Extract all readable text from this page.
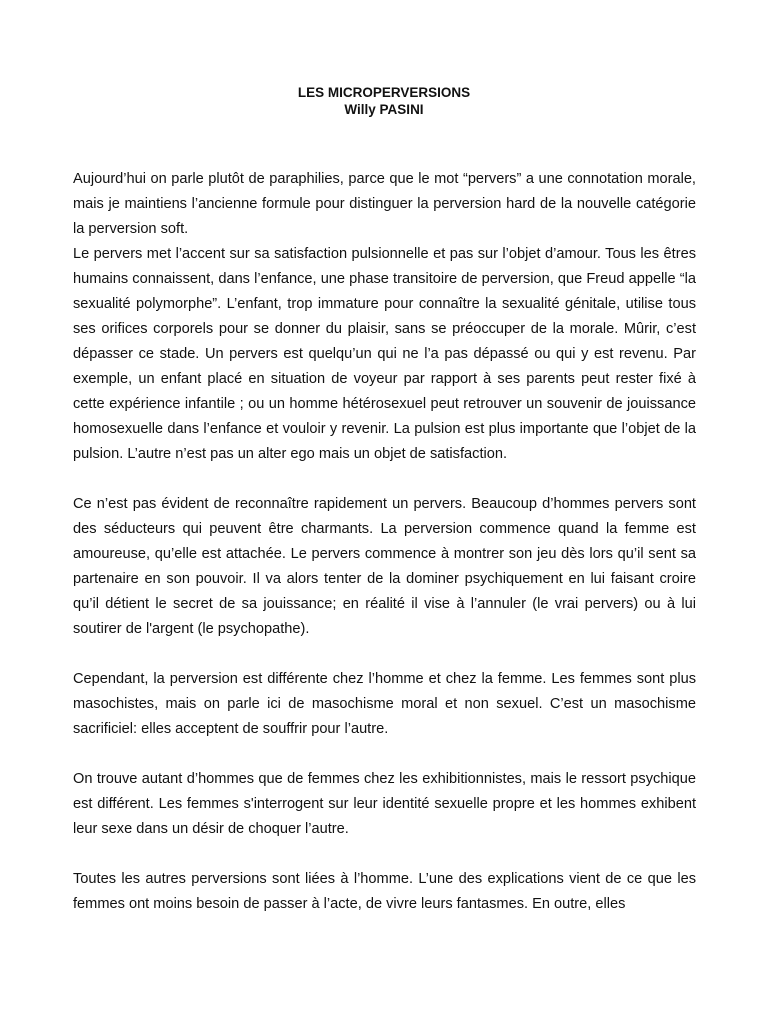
LES MICROPERVERSIONS
Willy PASINI

Aujourd’hui on parle plutôt de paraphilies, parce que le mot “pervers” a une connotation morale, mais je maintiens l’ancienne formule pour distinguer la perversion hard de la nouvelle catégorie la perversion soft.

Le pervers met l’accent sur sa satisfaction pulsionnelle et pas sur l’objet d’amour. Tous les êtres humains connaissent, dans l’enfance, une phase transitoire de perversion, que Freud appelle “la sexualité polymorphe”. L’enfant, trop immature pour connaître la sexualité génitale, utilise tous ses orifices corporels pour se donner du plaisir, sans se préoccuper de la morale. Mûrir, c’est dépasser ce stade. Un pervers est quelqu’un qui ne l’a pas dépassé ou qui y est revenu. Par exemple, un enfant placé en situation de voyeur par rapport à ses parents peut rester fixé à cette expérience infantile ; ou un homme hétérosexuel peut retrouver un souvenir de jouissance homosexuelle dans l’enfance et vouloir y revenir. La pulsion est plus importante que l’objet de la pulsion. L’autre n’est pas un alter ego mais un objet de satisfaction.

Ce n’est pas évident de reconnaître rapidement un pervers. Beaucoup d’hommes pervers sont des séducteurs qui peuvent être charmants. La perversion commence quand la femme est amoureuse, qu’elle est attachée. Le pervers commence à montrer son jeu dès lors qu’il sent sa partenaire en son pouvoir. Il va alors tenter de la dominer psychiquement en lui faisant croire qu’il détient le secret de sa jouissance; en réalité il vise à l’annuler (le vrai pervers) ou à lui soutirer de l'argent (le psychopathe).

Cependant, la perversion est différente chez l’homme et chez la femme. Les femmes sont plus masochistes, mais on parle ici de masochisme moral et non sexuel. C’est un masochisme sacrificiel: elles acceptent de souffrir pour l’autre.

On trouve autant d’hommes que de femmes chez les exhibitionnistes, mais le ressort psychique est différent. Les femmes s'interrogent sur leur identité sexuelle propre et les hommes exhibent leur sexe dans un désir de choquer l’autre.

Toutes les autres perversions sont liées à l’homme. L’une des explications vient de ce que les femmes ont moins besoin de passer à l’acte, de vivre leurs fantasmes. En outre, elles
